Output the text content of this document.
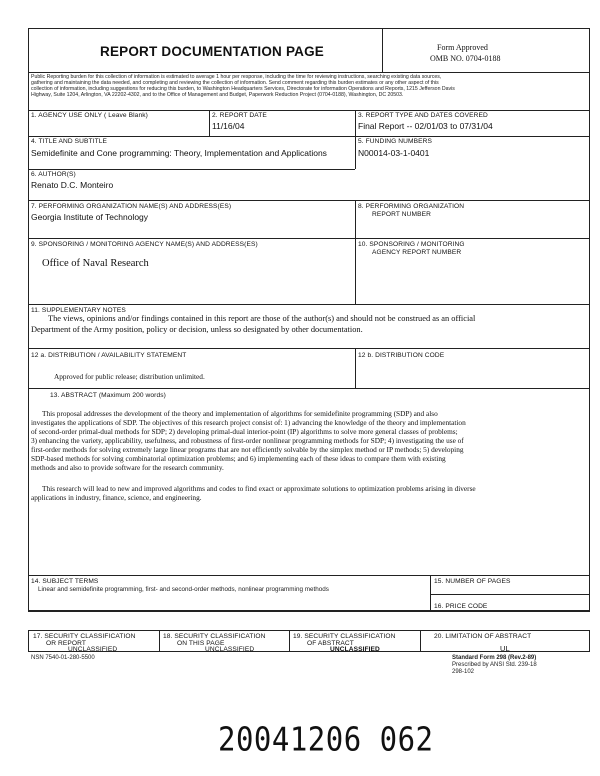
REPORT DOCUMENTATION PAGE	Form Approved
OMB NO. 0704-0188
Public Reporting burden for this collection of information is estimated to average 1 hour per response, including the time for reviewing instructions, searching existing data sources,
gathering and maintaining the data needed, and completing and reviewing the collection of information. Send comment regarding this burden estimates or any other aspect of this
collection of information, including suggestions for reducing this burden, to Washington Headquarters Services, Directorate for information Operations and Reports, 1215 Jefferson Davis
Highway, Suite 1204, Arlington, VA 22202-4302, and to the Office of Management and Budget, Paperwork Reduction Project (0704-0188), Washington, DC 20503.
1. AGENCY USE ONLY ( Leave Blank)	2. REPORT DATE
11/16/04
3. REPORT TYPE AND DATES COVERED
Final Report -- 02/01/03 to 07/31/04
4. TITLE AND SUBTITLE
Semidefinite and Cone programming: Theory, Implementation and Applications
5. FUNDING NUMBERS
N00014-03-1-0401
6. AUTHOR(S)
Renato D.C. Monteiro
7. PERFORMING ORGANIZATION NAME(S) AND ADDRESS(ES)
Georgia Institute of Technology
8. PERFORMING ORGANIZATION
REPORT NUMBER
9. SPONSORING / MONITORING AGENCY NAME(S) AND ADDRESS(ES)
Office of Naval Research
10. SPONSORING / MONITORING
AGENCY REPORT NUMBER
11. SUPPLEMENTARY NOTES
The views, opinions and/or findings contained in this report are those of the author(s) and should not be construed as an official
Department of the Army position, policy or decision, unless so designated by other documentation.
12 a. DISTRIBUTION / AVAILABILITY STATEMENT
Approved for public release; distribution unlimited.
12 b. DISTRIBUTION CODE
13. ABSTRACT (Maximum 200 words)
This proposal addresses the development of the theory and implementation of algorithms for semidefinite programming (SDP) and also
investigates the applications of SDP. The objectives of this research project consist of: 1) advancing the knowledge of the theory and implementation
of second-order primal-dual methods for SDP; 2) developing primal-dual interior-point (IP) algorithms to solve more general classes of problems;
3) enhancing the variety, applicability, usefulness, and robustness of first-order nonlinear programming methods for SDP; 4) investigating the use of
first-order methods for solving extremely large linear programs that are not efficiently solvable by the simplex method or IP methods; 5) developing
SDP-based methods for solving combinatorial optimization problems; and 6) implementing each of these ideas to compare them with existing
methods and also to provide software for the research community.
This research will lead to new and improved algorithms and codes to find exact or approximate solutions to optimization problems arising in diverse
applications in industry, finance, science, and engineering.
14. SUBJECT TERMS
Linear and semidefinite programming, first- and second-order methods, nonlinear programming methods
15. NUMBER OF PAGES
16. PRICE CODE
17. SECURITY CLASSIFICATION
OR REPORT
UNCLASSIFIED
18. SECURITY CLASSIFICATION
ON THIS PAGE
UNCLASSIFIED
19. SECURITY CLASSIFICATION
OF ABSTRACT
UNCLASSIFIED
20. LIMITATION OF ABSTRACT
UL
NSN 7540-01-280-5500	Standard Form 298 (Rev.2-89)
Prescribed by ANSI Std. 239-18
298-102
20041206 062
